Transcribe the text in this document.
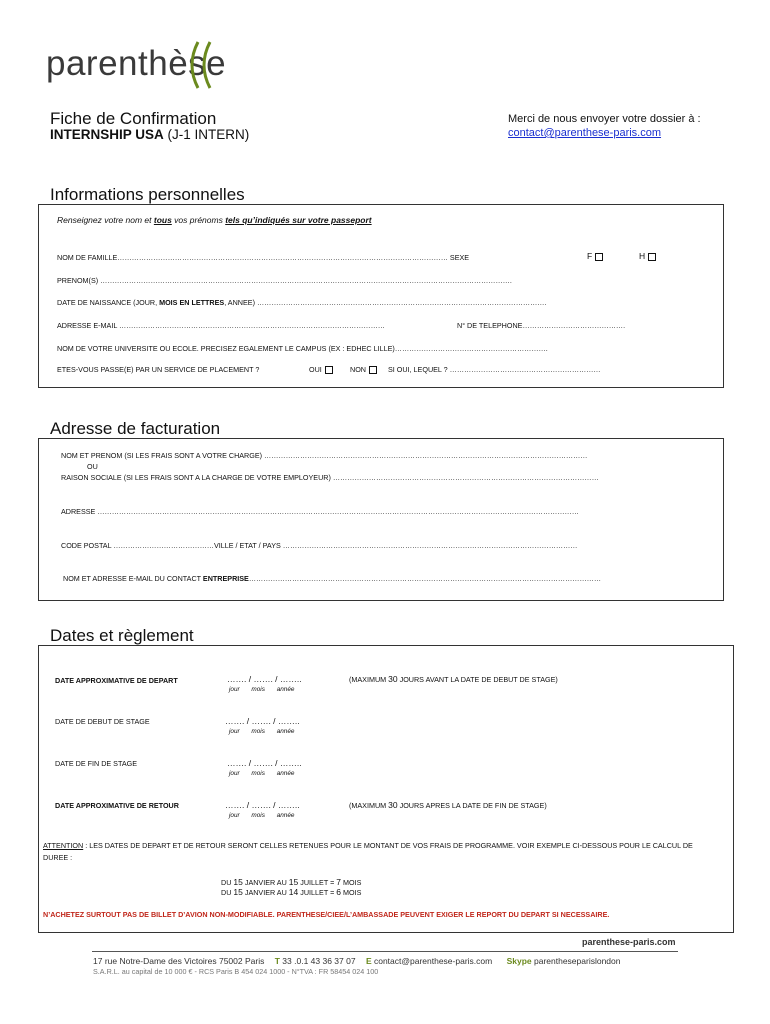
parenthèse
Fiche de Confirmation
INTERNSHIP USA (J-1 INTERN)
Merci de nous envoyer votre dossier à :
contact@parenthese-paris.com
Informations personnelles
Renseignez votre nom et tous vos prénoms tels qu’indiqués sur votre passeport
NOM DE FAMILLE………………………………………………………………………………………………………………………… SEXE	F	H
PRENOM(S) ……………………………………………………………………………………………………………………………………………………….
DATE DE NAISSANCE (JOUR, MOIS EN LETTRES, ANNEE) ………………………………………………………………………………………………………….
ADRESSE E-MAIL …………………………………………………………………………………………………	N° DE TELEPHONE…………………………………….
NOM DE VOTRE UNIVERSITE OU ECOLE. PRECISEZ EGALEMENT LE CAMPUS (EX : EDHEC LILLE)……………………………………………………….
ETES-VOUS PASSE(E) PAR UN SERVICE DE PLACEMENT ?	OUI	NON	SI OUI, LEQUEL ? ………………………………………………………
Adresse de facturation
NOM ET PRENOM (SI LES FRAIS SONT A VOTRE CHARGE) ………………………………………………………………………………………………………………………
OU
RAISON SOCIALE (SI LES FRAIS SONT A LA CHARGE DE VOTRE EMPLOYEUR) …………………………………………………………………………………………………
ADRESSE …………………………………………………………………………………………………………………………………………………………………………………
CODE POSTAL ……………………………………VILLE / ETAT / PAYS ……………………………………………………………………………………………………………
NOM ET ADRESSE E-MAIL DU CONTACT ENTREPRISE…………………………………………………………………………………………………………………………………
Dates et règlement
DATE APPROXIMATIVE DE DEPART	……. / ……. / ……..
jour mois année
(MAXIMUM 30 JOURS AVANT LA DATE DE DEBUT DE STAGE)
DATE DE DEBUT DE STAGE	……. / ……. / ……..
jour mois année
DATE DE FIN DE STAGE	……. / ……. / ……..
jour mois année
DATE APPROXIMATIVE DE RETOUR	……. / ……. / ……..
jour mois année
(MAXIMUM 30 JOURS APRES LA DATE DE FIN DE STAGE)
ATTENTION : LES DATES DE DEPART ET DE RETOUR SERONT CELLES RETENUES POUR LE MONTANT DE VOS FRAIS DE PROGRAMME. VOIR EXEMPLE CI-DESSOUS POUR LE CALCUL DE DUREE :
DU 15 JANVIER AU 15 JUILLET = 7 MOIS
DU 15 JANVIER AU 14 JUILLET = 6 MOIS
N’ACHETEZ SURTOUT PAS DE BILLET D’AVION NON-MODIFIABLE. PARENTHESE/CIEE/L’AMBASSADE PEUVENT EXIGER LE REPORT DU DEPART SI NECESSAIRE.
parenthese-paris.com
17 rue Notre-Dame des Victoires 75002 Paris T 33 .0.1 43 36 37 07 E contact@parenthese-paris.com Skype parentheseparislondon
S.A.R.L. au capital de 10 000 € - RCS Paris B 454 024 1000 - N°TVA : FR 58454 024 100
